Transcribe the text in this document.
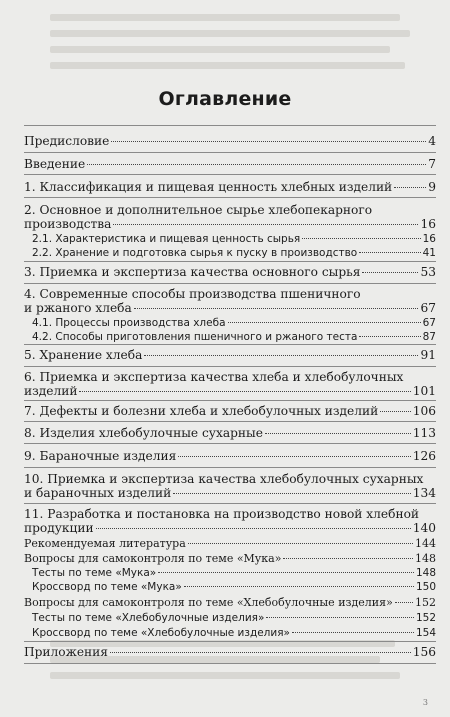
Оглавление
Предисловие	4
Введение	7
1. Классификация и пищевая ценность хлебных изделий	9
2. Основное и дополнительное сырье хлебопекарного
производства	16
2.1. Характеристика и пищевая ценность сырья	16
2.2. Хранение и подготовка сырья к пуску в производство	41
3. Приемка и экспертиза качества основного сырья	53
4. Современные способы производства пшеничного
и ржаного хлеба	67
4.1. Процессы производства хлеба	67
4.2. Способы приготовления пшеничного и ржаного теста	87
5. Хранение хлеба	91
6. Приемка и экспертиза качества хлеба и хлебобулочных
изделий	101
7. Дефекты и болезни хлеба и хлебобулочных изделий	106
8. Изделия хлебобулочные сухарные	113
9. Бараночные изделия	126
10. Приемка и экспертиза качества хлебобулочных сухарных
и бараночных изделий	134
11. Разработка и постановка на производство новой хлебной
продукции	140
Рекомендуемая литература	144
Вопросы для самоконтроля по теме «Мука»	148
Тесты по теме «Мука»	148
Кроссворд по теме «Мука»	150
Вопросы для самоконтроля по теме «Хлебобулочные изделия» 152
Тесты по теме «Хлебобулочные изделия»	152
Кроссворд по теме «Хлебобулочные изделия»	154
Приложения	156
3
